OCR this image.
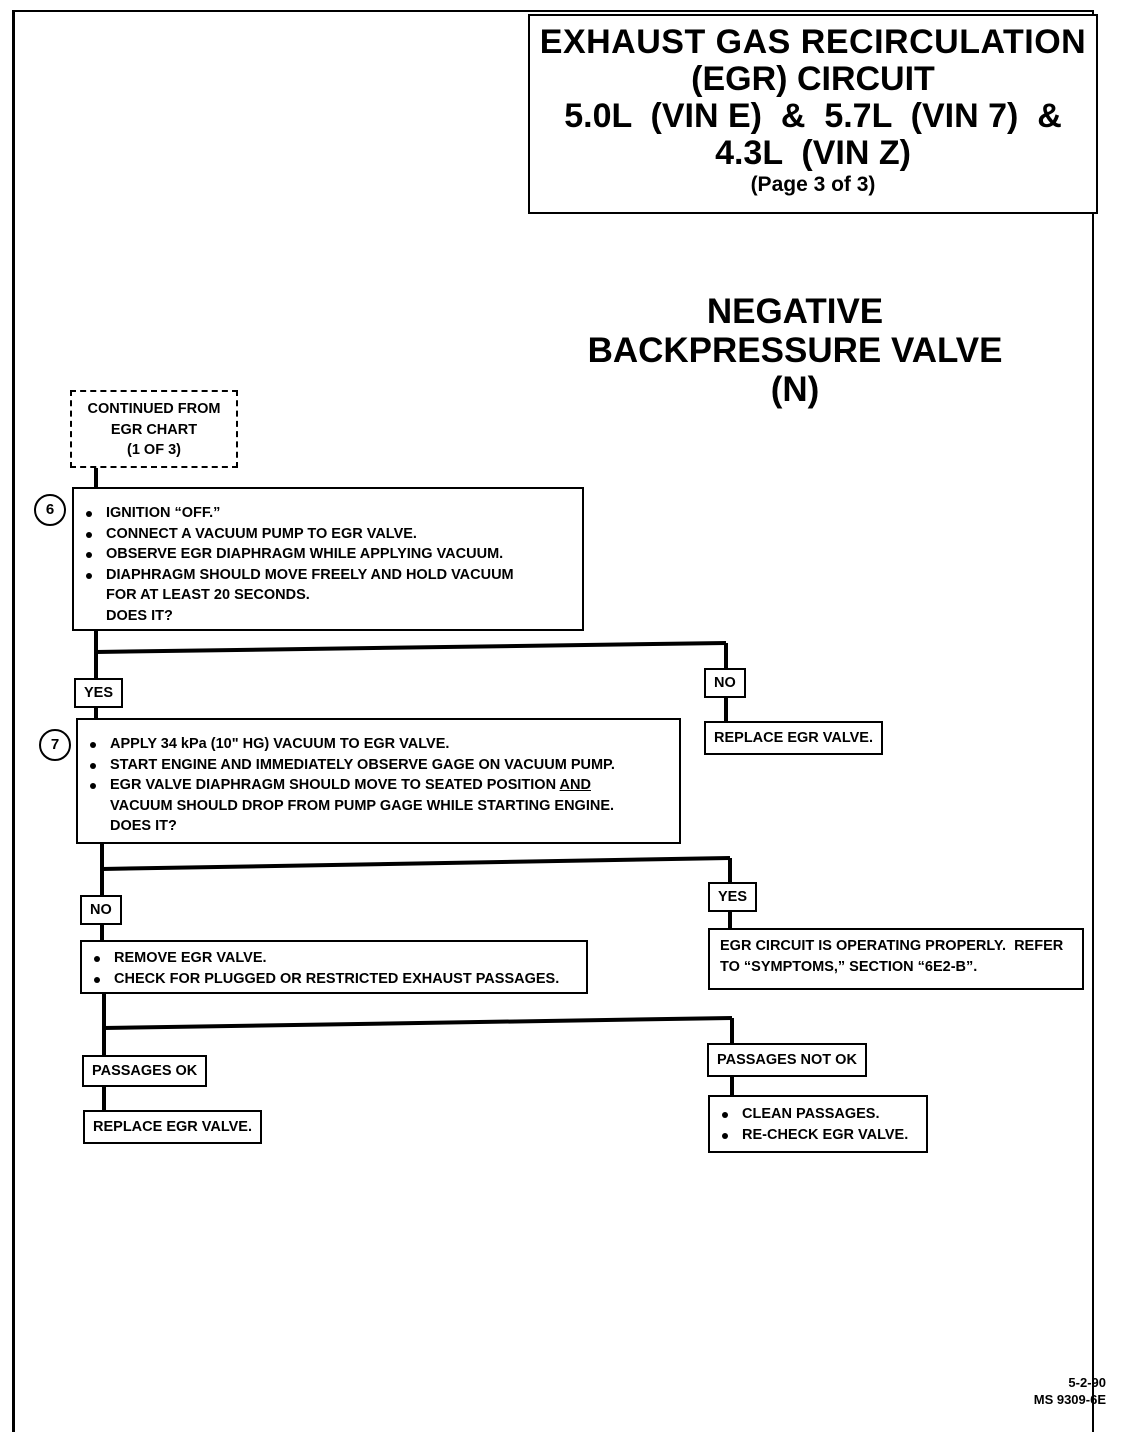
EXHAUST GAS RECIRCULATION
(EGR) CIRCUIT
5.0L  (VIN E)  &  5.7L  (VIN 7)  &
4.3L  (VIN Z)
(Page 3 of 3)
NEGATIVE
BACKPRESSURE VALVE
(N)
CONTINUED FROM
EGR CHART
(1 OF 3)
6	IGNITION “OFF.”
CONNECT A VACUUM PUMP TO EGR VALVE.
OBSERVE EGR DIAPHRAGM WHILE APPLYING VACUUM.
DIAPHRAGM SHOULD MOVE FREELY AND HOLD VACUUM
FOR AT LEAST 20 SECONDS.
DOES IT?
YES
NO
REPLACE EGR VALVE.
7	APPLY 34 kPa (10" HG) VACUUM TO EGR VALVE.
START ENGINE AND IMMEDIATELY OBSERVE GAGE ON VACUUM PUMP.
EGR VALVE DIAPHRAGM SHOULD MOVE TO SEATED POSITION AND
VACUUM SHOULD DROP FROM PUMP GAGE WHILE STARTING ENGINE.
DOES IT?
NO
YES
EGR CIRCUIT IS OPERATING PROPERLY.  REFER
TO “SYMPTOMS,” SECTION “6E2-B”.
REMOVE EGR VALVE.
CHECK FOR PLUGGED OR RESTRICTED EXHAUST PASSAGES.
PASSAGES OK
REPLACE EGR VALVE.
PASSAGES NOT OK
CLEAN PASSAGES.
RE-CHECK EGR VALVE.
5-2-90
MS 9309-6E
